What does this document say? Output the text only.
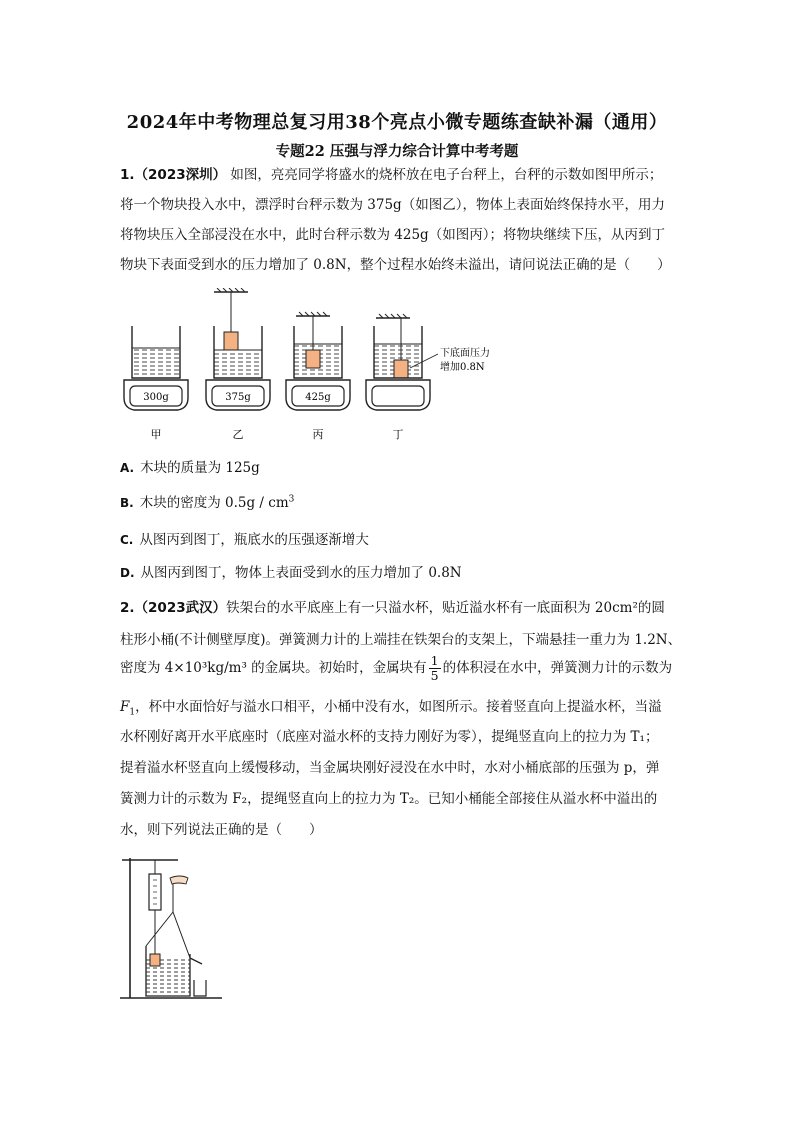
2024年中考物理总复习用38个亮点小微专题练查缺补漏（通用）
专题22 压强与浮力综合计算中考考题
1.（2023深圳） 如图，亮亮同学将盛水的烧杯放在电子台秤上，台秤的示数如图甲所示；
将一个物块投入水中，漂浮时台秤示数为 375g（如图乙），物体上表面始终保持水平，用力
将物块压入全部浸没在水中，此时台秤示数为 425g（如图丙）；将物块继续下压，从丙到丁
物块下表面受到水的压力增加了 0.8N，整个过程水始终未溢出，请问说法正确的是（　　）
300g	375g	425g
下底面压力
增加0.8N
甲	乙	丙	丁
A. 木块的质量为 125g
B. 木块的密度为 $0.5g / cm^3$
C. 从图丙到图丁，瓶底水的压强逐渐增大
D. 从图丙到图丁，物体上表面受到水的压力增加了 0.8N
2.（2023武汉）铁架台的水平底座上有一只溢水杯，贴近溢水杯有一底面积为 20cm²的圆
柱形小桶(不计侧壁厚度)。弹簧测力计的上端挂在铁架台的支架上，下端悬挂一重力为 1.2N、
密度为 4×10³kg/m³ 的金属块。初始时，金属块有 $\frac{1}{5}$ 的体积浸在水中，弹簧测力计的示数为
$F_1$，杯中水面恰好与溢水口相平，小桶中没有水，如图所示。接着竖直向上提溢水杯，当溢
水杯刚好离开水平底座时（底座对溢水杯的支持力刚好为零），提绳竖直向上的拉力为 T₁；
提着溢水杯竖直向上缓慢移动，当金属块刚好浸没在水中时，水对小桶底部的压强为 p，弹
簧测力计的示数为 F₂，提绳竖直向上的拉力为 T₂。已知小桶能全部接住从溢水杯中溢出的
水，则下列说法正确的是（　　）
